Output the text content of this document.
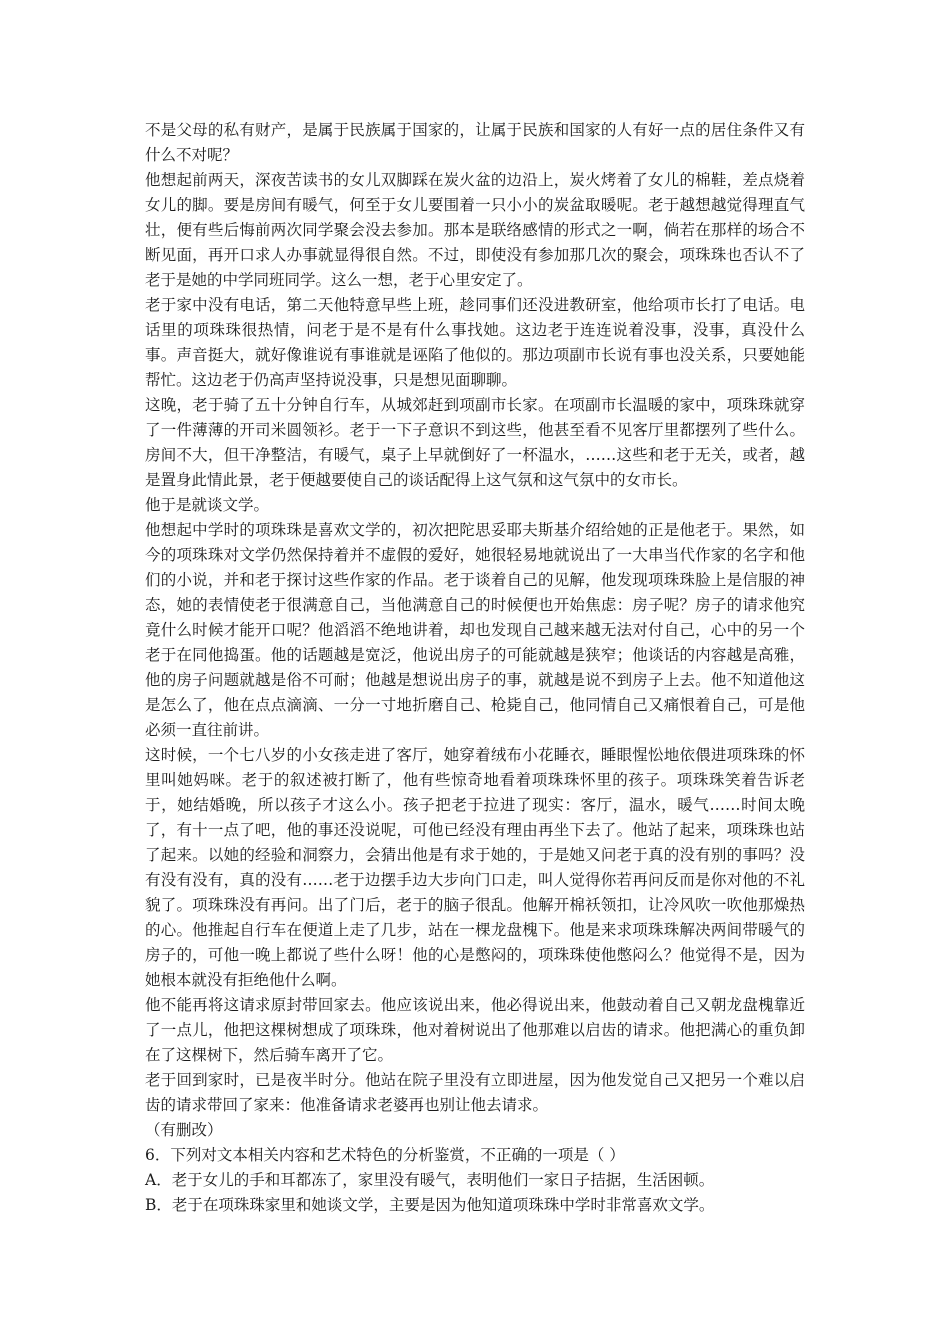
不是父母的私有财产，是属于民族属于国家的，让属于民族和国家的人有好一点的居住条件又有什么不对呢？

他想起前两天，深夜苦读书的女儿双脚踩在炭火盆的边沿上，炭火烤着了女儿的棉鞋，差点烧着女儿的脚。要是房间有暖气，何至于女儿要围着一只小小的炭盆取暖呢。老于越想越觉得理直气壮，便有些后悔前两次同学聚会没去参加。那本是联络感情的形式之一啊，倘若在那样的场合不断见面，再开口求人办事就显得很自然。不过，即使没有参加那几次的聚会，项珠珠也否认不了老于是她的中学同班同学。这么一想，老于心里安定了。

老于家中没有电话，第二天他特意早些上班，趁同事们还没进教研室，他给项市长打了电话。电话里的项珠珠很热情，问老于是不是有什么事找她。这边老于连连说着没事，没事，真没什么事。声音挺大，就好像谁说有事谁就是诬陷了他似的。那边项副市长说有事也没关系，只要她能帮忙。这边老于仍高声坚持说没事，只是想见面聊聊。

这晚，老于骑了五十分钟自行车，从城郊赶到项副市长家。在项副市长温暖的家中，项珠珠就穿了一件薄薄的开司米圆领衫。老于一下子意识不到这些，他甚至看不见客厅里都摆列了些什么。房间不大，但干净整洁，有暖气，桌子上早就倒好了一杯温水，……这些和老于无关，或者，越是置身此情此景，老于便越要使自己的谈话配得上这气氛和这气氛中的女市长。

他于是就谈文学。

他想起中学时的项珠珠是喜欢文学的，初次把陀思妥耶夫斯基介绍给她的正是他老于。果然，如今的项珠珠对文学仍然保持着并不虚假的爱好，她很轻易地就说出了一大串当代作家的名字和他们的小说，并和老于探讨这些作家的作品。老于谈着自己的见解，他发现项珠珠脸上是信服的神态，她的表情使老于很满意自己，当他满意自己的时候便也开始焦虑：房子呢？房子的请求他究竟什么时候才能开口呢？他滔滔不绝地讲着，却也发现自己越来越无法对付自己，心中的另一个老于在同他捣蛋。他的话题越是宽泛，他说出房子的可能就越是狭窄；他谈话的内容越是高雅，他的房子问题就越是俗不可耐；他越是想说出房子的事，就越是说不到房子上去。他不知道他这是怎么了，他在点点滴滴、一分一寸地折磨自己、枪毙自己，他同情自己又痛恨着自己，可是他必须一直往前讲。

这时候，一个七八岁的小女孩走进了客厅，她穿着绒布小花睡衣，睡眼惺忪地依偎进项珠珠的怀里叫她妈咪。老于的叙述被打断了，他有些惊奇地看着项珠珠怀里的孩子。项珠珠笑着告诉老于，她结婚晚，所以孩子才这么小。孩子把老于拉进了现实：客厅，温水，暖气……时间太晚了，有十一点了吧，他的事还没说呢，可他已经没有理由再坐下去了。他站了起来，项珠珠也站了起来。以她的经验和洞察力，会猜出他是有求于她的，于是她又问老于真的没有别的事吗？没有没有没有，真的没有……老于边摆手边大步向门口走，叫人觉得你若再问反而是你对他的不礼貌了。项珠珠没有再问。出了门后，老于的脑子很乱。他解开棉袄领扣，让冷风吹一吹他那燥热的心。他推起自行车在便道上走了几步，站在一棵龙盘槐下。他是来求项珠珠解决两间带暖气的房子的，可他一晚上都说了些什么呀！他的心是憋闷的，项珠珠使他憋闷么？他觉得不是，因为她根本就没有拒绝他什么啊。

他不能再将这请求原封带回家去。他应该说出来，他必得说出来，他鼓动着自己又朝龙盘槐靠近了一点儿，他把这棵树想成了项珠珠，他对着树说出了他那难以启齿的请求。他把满心的重负卸在了这棵树下，然后骑车离开了它。

老于回到家时，已是夜半时分。他站在院子里没有立即进屋，因为他发觉自己又把另一个难以启齿的请求带回了家来：他准备请求老婆再也别让他去请求。

（有删改）

6．下列对文本相关内容和艺术特色的分析鉴赏，不正确的一项是（ ）

A．老于女儿的手和耳都冻了，家里没有暖气，表明他们一家日子拮据，生活困顿。

B．老于在项珠珠家里和她谈文学，主要是因为他知道项珠珠中学时非常喜欢文学。
